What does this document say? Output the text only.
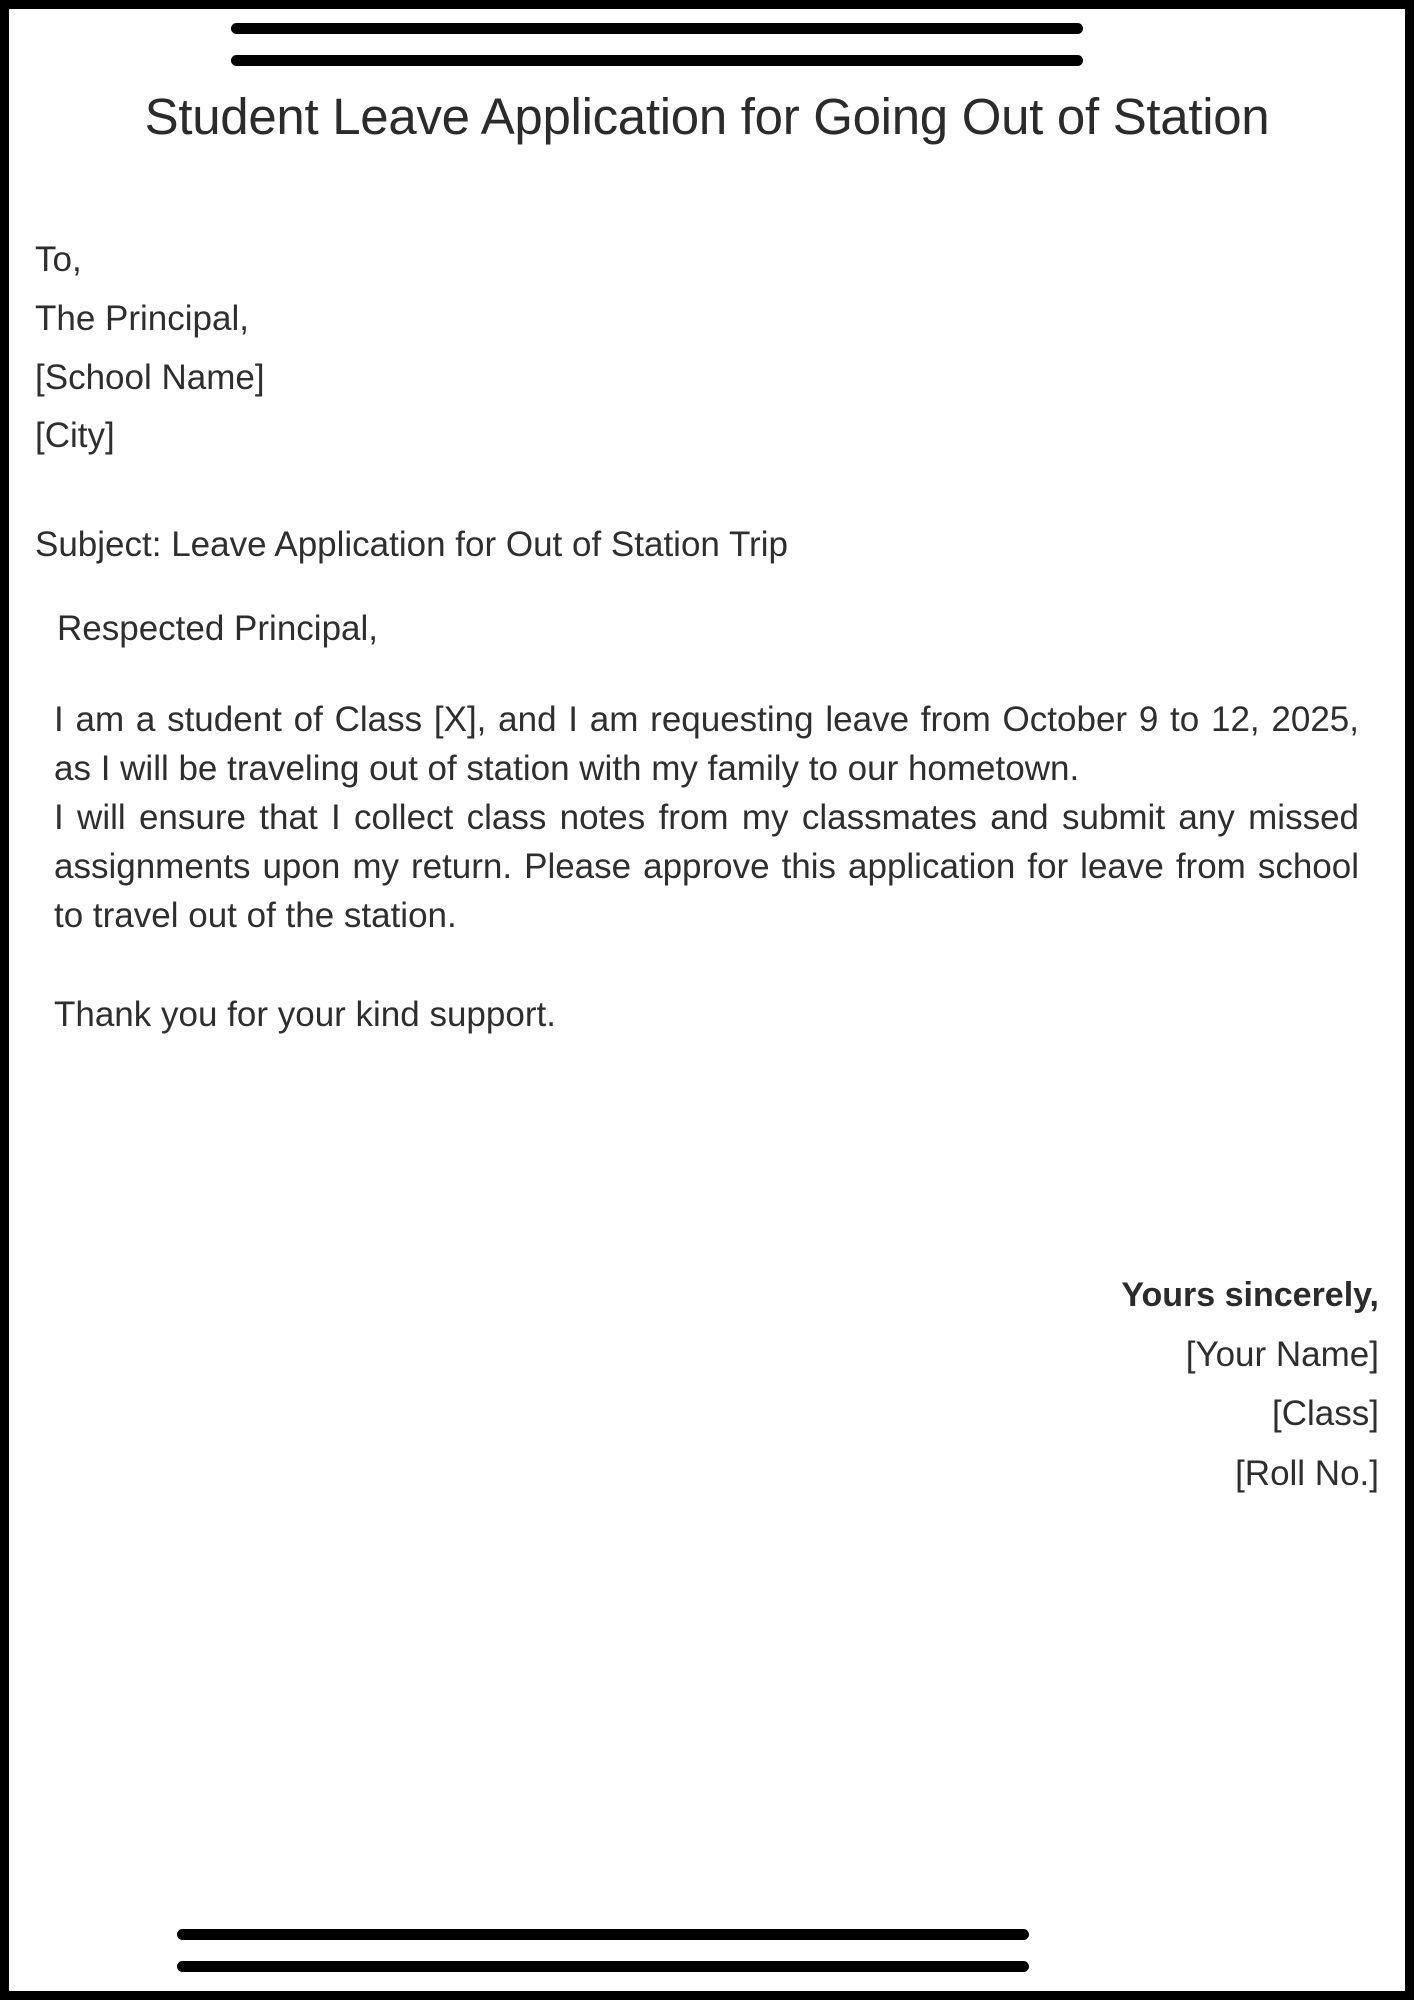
Student Leave Application for Going Out of Station
To,
The Principal,
[School Name]
[City]
Subject: Leave Application for Out of Station Trip
Respected Principal,

I am a student of Class [X], and I am requesting leave from October 9 to 12, 2025, as I will be traveling out of station with my family to our hometown.

I will ensure that I collect class notes from my classmates and submit any missed assignments upon my return. Please approve this application for leave from school to travel out of the station.

Thank you for your kind support.
Yours sincerely,
[Your Name]
[Class]
[Roll No.]
